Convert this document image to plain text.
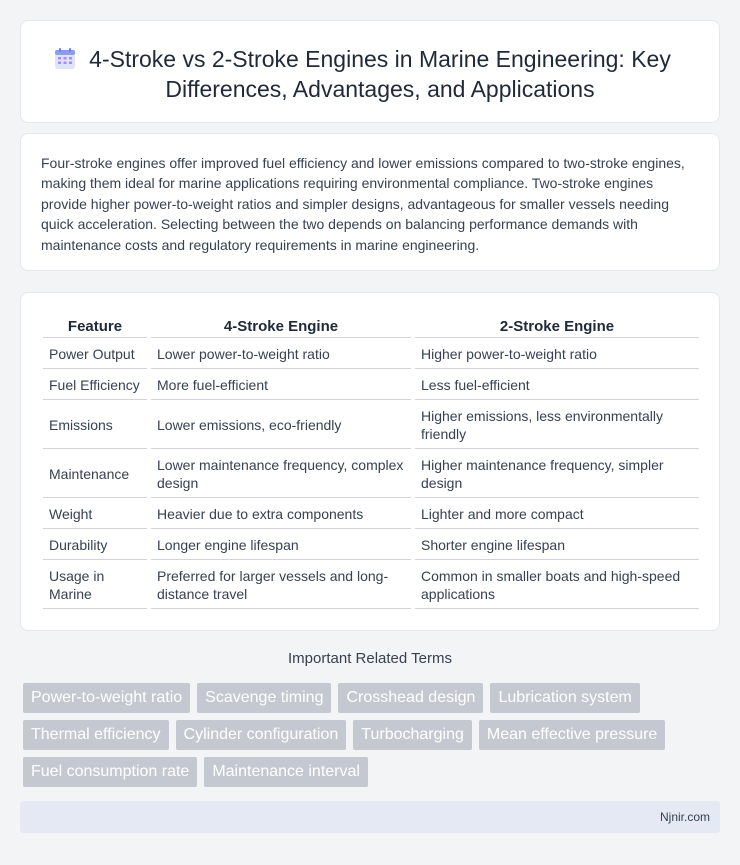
4-Stroke vs 2-Stroke Engines in Marine Engineering: Key Differences, Advantages, and Applications

Four-stroke engines offer improved fuel efficiency and lower emissions compared to two-stroke engines, making them ideal for marine applications requiring environmental compliance. Two-stroke engines provide higher power-to-weight ratios and simpler designs, advantageous for smaller vessels needing quick acceleration. Selecting between the two depends on balancing performance demands with maintenance costs and regulatory requirements in marine engineering.

Feature		4-Stroke Engine		2-Stroke Engine
Power Output		Lower power-to-weight ratio		Higher power-to-weight ratio
Fuel Efficiency		More fuel-efficient		Less fuel-efficient
Emissions		Lower emissions, eco-friendly		Higher emissions, less environmentally friendly
Maintenance		Lower maintenance frequency, complex design		Higher maintenance frequency, simpler design
Weight		Heavier due to extra components		Lighter and more compact
Durability		Longer engine lifespan		Shorter engine lifespan
Usage in Marine		Preferred for larger vessels and long-distance travel		Common in smaller boats and high-speed applications
Important Related Terms
Power-to-weight ratio	Scavenge timing	Crosshead design	Lubrication system
Thermal efficiency	Cylinder configuration	Turbocharging	Mean effective pressure
Fuel consumption rate	Maintenance interval
Njnir.com
